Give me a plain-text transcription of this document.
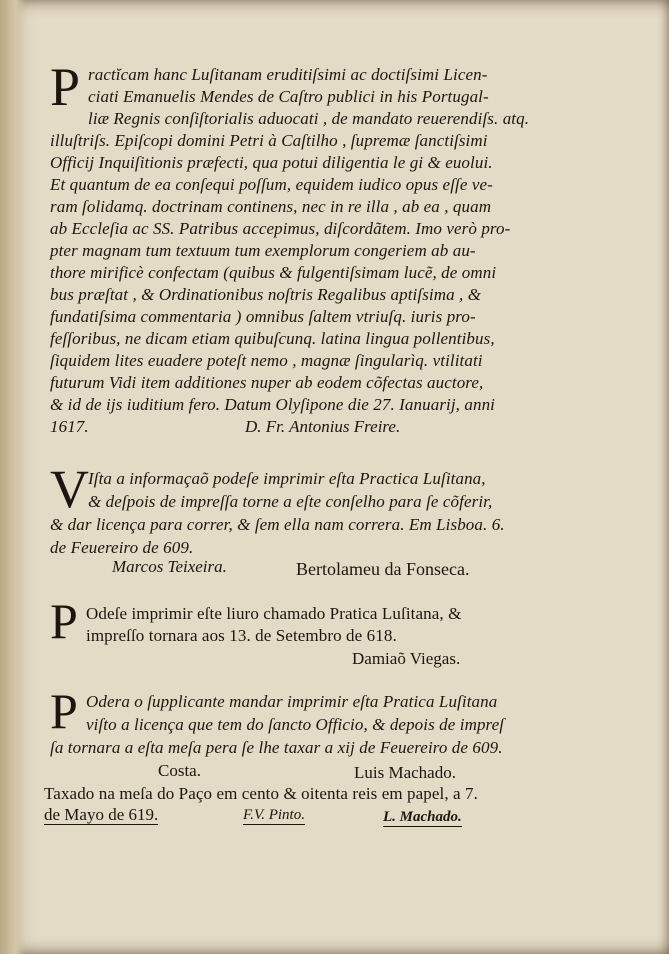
P ractĭcam hanc Luſitanam eruditiſsimi ac doctiſsimi Licen-
ciati Emanuelis Mendes de Caſtro publici in his Portugal-
liæ Regnis conſiſtorialis aduocati , de mandato reuerendiſs. atq.
illuſtriſs. Epiſcopi domini Petri à Caſtilho , ſupremæ ſanctiſsimi
Officij Inquiſitionis præfecti, qua potui diligentia le gi & euolui.
Et quantum de ea conſequi poſſum, equidem iudico opus eſſe ve-
ram ſolidamq. doctrinam continens, nec in re illa , ab ea , quam
ab Eccleſia ac SS. Patribus accepimus, diſcordãtem. Imo verò pro-
pter magnam tum textuum tum exemplorum congeriem ab au-
thore mirificè confectam (quibus & fulgentiſsimam lucẽ, de omni
bus præſtat , & Ordinationibus noſtris Regalibus aptiſsima , &
fundatiſsima commentaria ) omnibus ſaltem vtriuſq. iuris pro-
feſſoribus, ne dicam etiam quibuſcunq. latina lingua pollentibus,
ſiquidem lites euadere poteſt nemo , magnæ ſingularìq. vtilitati
futurum Vidi item additiones nuper ab eodem cõfectas auctore,
& id de ijs iuditium fero. Datum Olyſipone die 27. Ianuarij, anni
1617.	D. Fr. Antonius Freire.
V Iſta a informaçaõ podeſe imprimir eſta Practica Luſitana,
& deſpois de impreſſa torne a eſte conſelho para ſe cõferir,
& dar licença para correr, & ſem ella nam correra. Em Lisboa. 6.
de Feuereiro de 609.
Marcos Teixeira.	Bertolameu da Fonseca.
P Odeſe imprimir eſte liuro chamado Pratica Luſitana, &
impreſſo tornara aos 13. de Setembro de 618.
Damiaõ Viegas.
P Odera o ſupplicante mandar imprimir eſta Pratica Luſitana
viſto a licença que tem do ſancto Officio, & depois de impreſ
ſa tornara a eſta meſa pera ſe lhe taxar a xij de Feuereiro de 609.
Costa.	Luis Machado.
Taxado na meſa do Paço em cento & oitenta reis em papel, a 7.
de Mayo de 619.	F.V. Pinto.	L. Machado.
